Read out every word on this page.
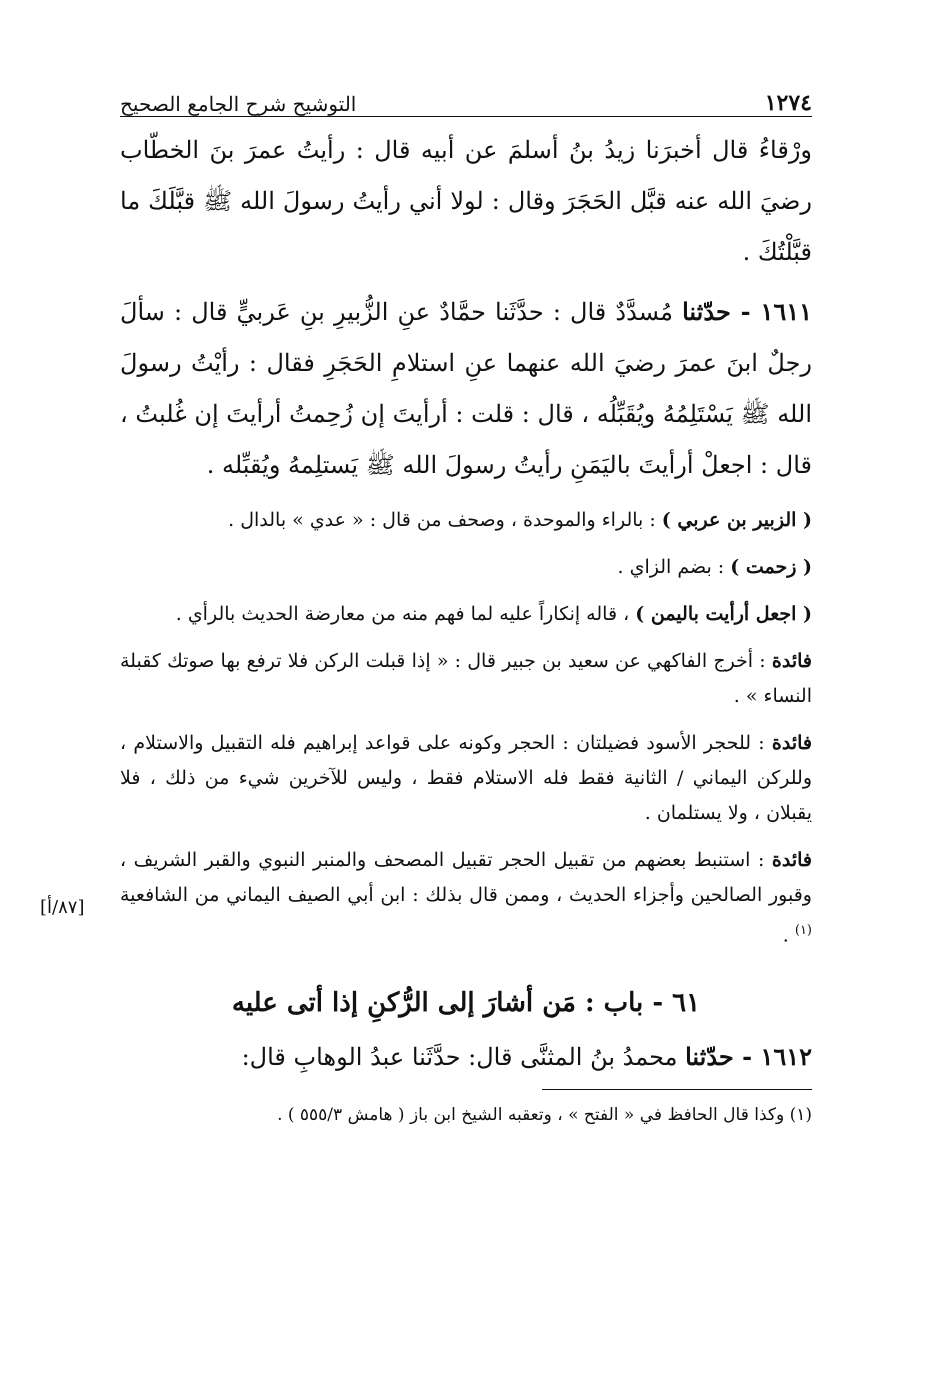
١٢٧٤
التوشيح شرح الجامع الصحيح

ورْقاءُ قال أخبرَنا زيدُ بنُ أسلمَ عن أبيه قال : رأيتُ عمرَ بنَ الخطّاب رضيَ الله عنه قبَّل الحَجَرَ وقال : لولا أني رأيتُ رسولَ الله ﷺ قبَّلَكَ ما قبَّلْتُكَ .

١٦١١ - حدّثنا مُسدَّدٌ قال : حدَّثَنا حمَّادٌ عنِ الزُّبيرِ بنِ عَربيٍّ قال : سألَ رجلٌ ابنَ عمرَ رضيَ الله عنهما عنِ استلامِ الحَجَرِ فقال : رأيْتُ رسولَ الله ﷺ يَسْتَلِمُهُ ويُقَبِّلُه ، قال : قلت : أرأيتَ إن زُحِمتُ أرأيتَ إن غُلبتُ ، قال : اجعلْ أرأيتَ باليَمَنِ رأيتُ رسولَ الله ﷺ يَستلِمهُ ويُقبِّله .

( الزبير بن عربي ) : بالراء والموحدة ، وصحف من قال : « عدي » بالدال .

( زحمت ) : بضم الزاي .

( اجعل أرأيت باليمن ) ، قاله إنكاراً عليه لما فهم منه من معارضة الحديث بالرأي .

فائدة : أخرج الفاكهي عن سعيد بن جبير قال : « إذا قبلت الركن فلا ترفع بها صوتك كقبلة النساء » .

فائدة : للحجر الأسود فضيلتان : الحجر وكونه على قواعد إبراهيم فله التقبيل والاستلام ، وللركن اليماني / الثانية فقط فله الاستلام فقط ، وليس للآخرين شيء من ذلك ، فلا يقبلان ، ولا يستلمان .

فائدة : استنبط بعضهم من تقبيل الحجر تقبيل المصحف والمنبر النبوي والقبر الشريف ، وقبور الصالحين وأجزاء الحديث ، وممن قال بذلك : ابن أبي الصيف اليماني من الشافعية $^{(١)}$ .

٦١ - باب : مَن أشارَ إلى الرُّكنِ إذا أتى عليه

١٦١٢ - حدّثنا محمدُ بنُ المثنَّى قال: حدَّثَنا عبدُ الوهابِ قال:

(١) وكذا قال الحافظ في « الفتح » ، وتعقبه الشيخ ابن باز ( هامش ٥٥٥/٣ ) .

[٨٧/أ]
